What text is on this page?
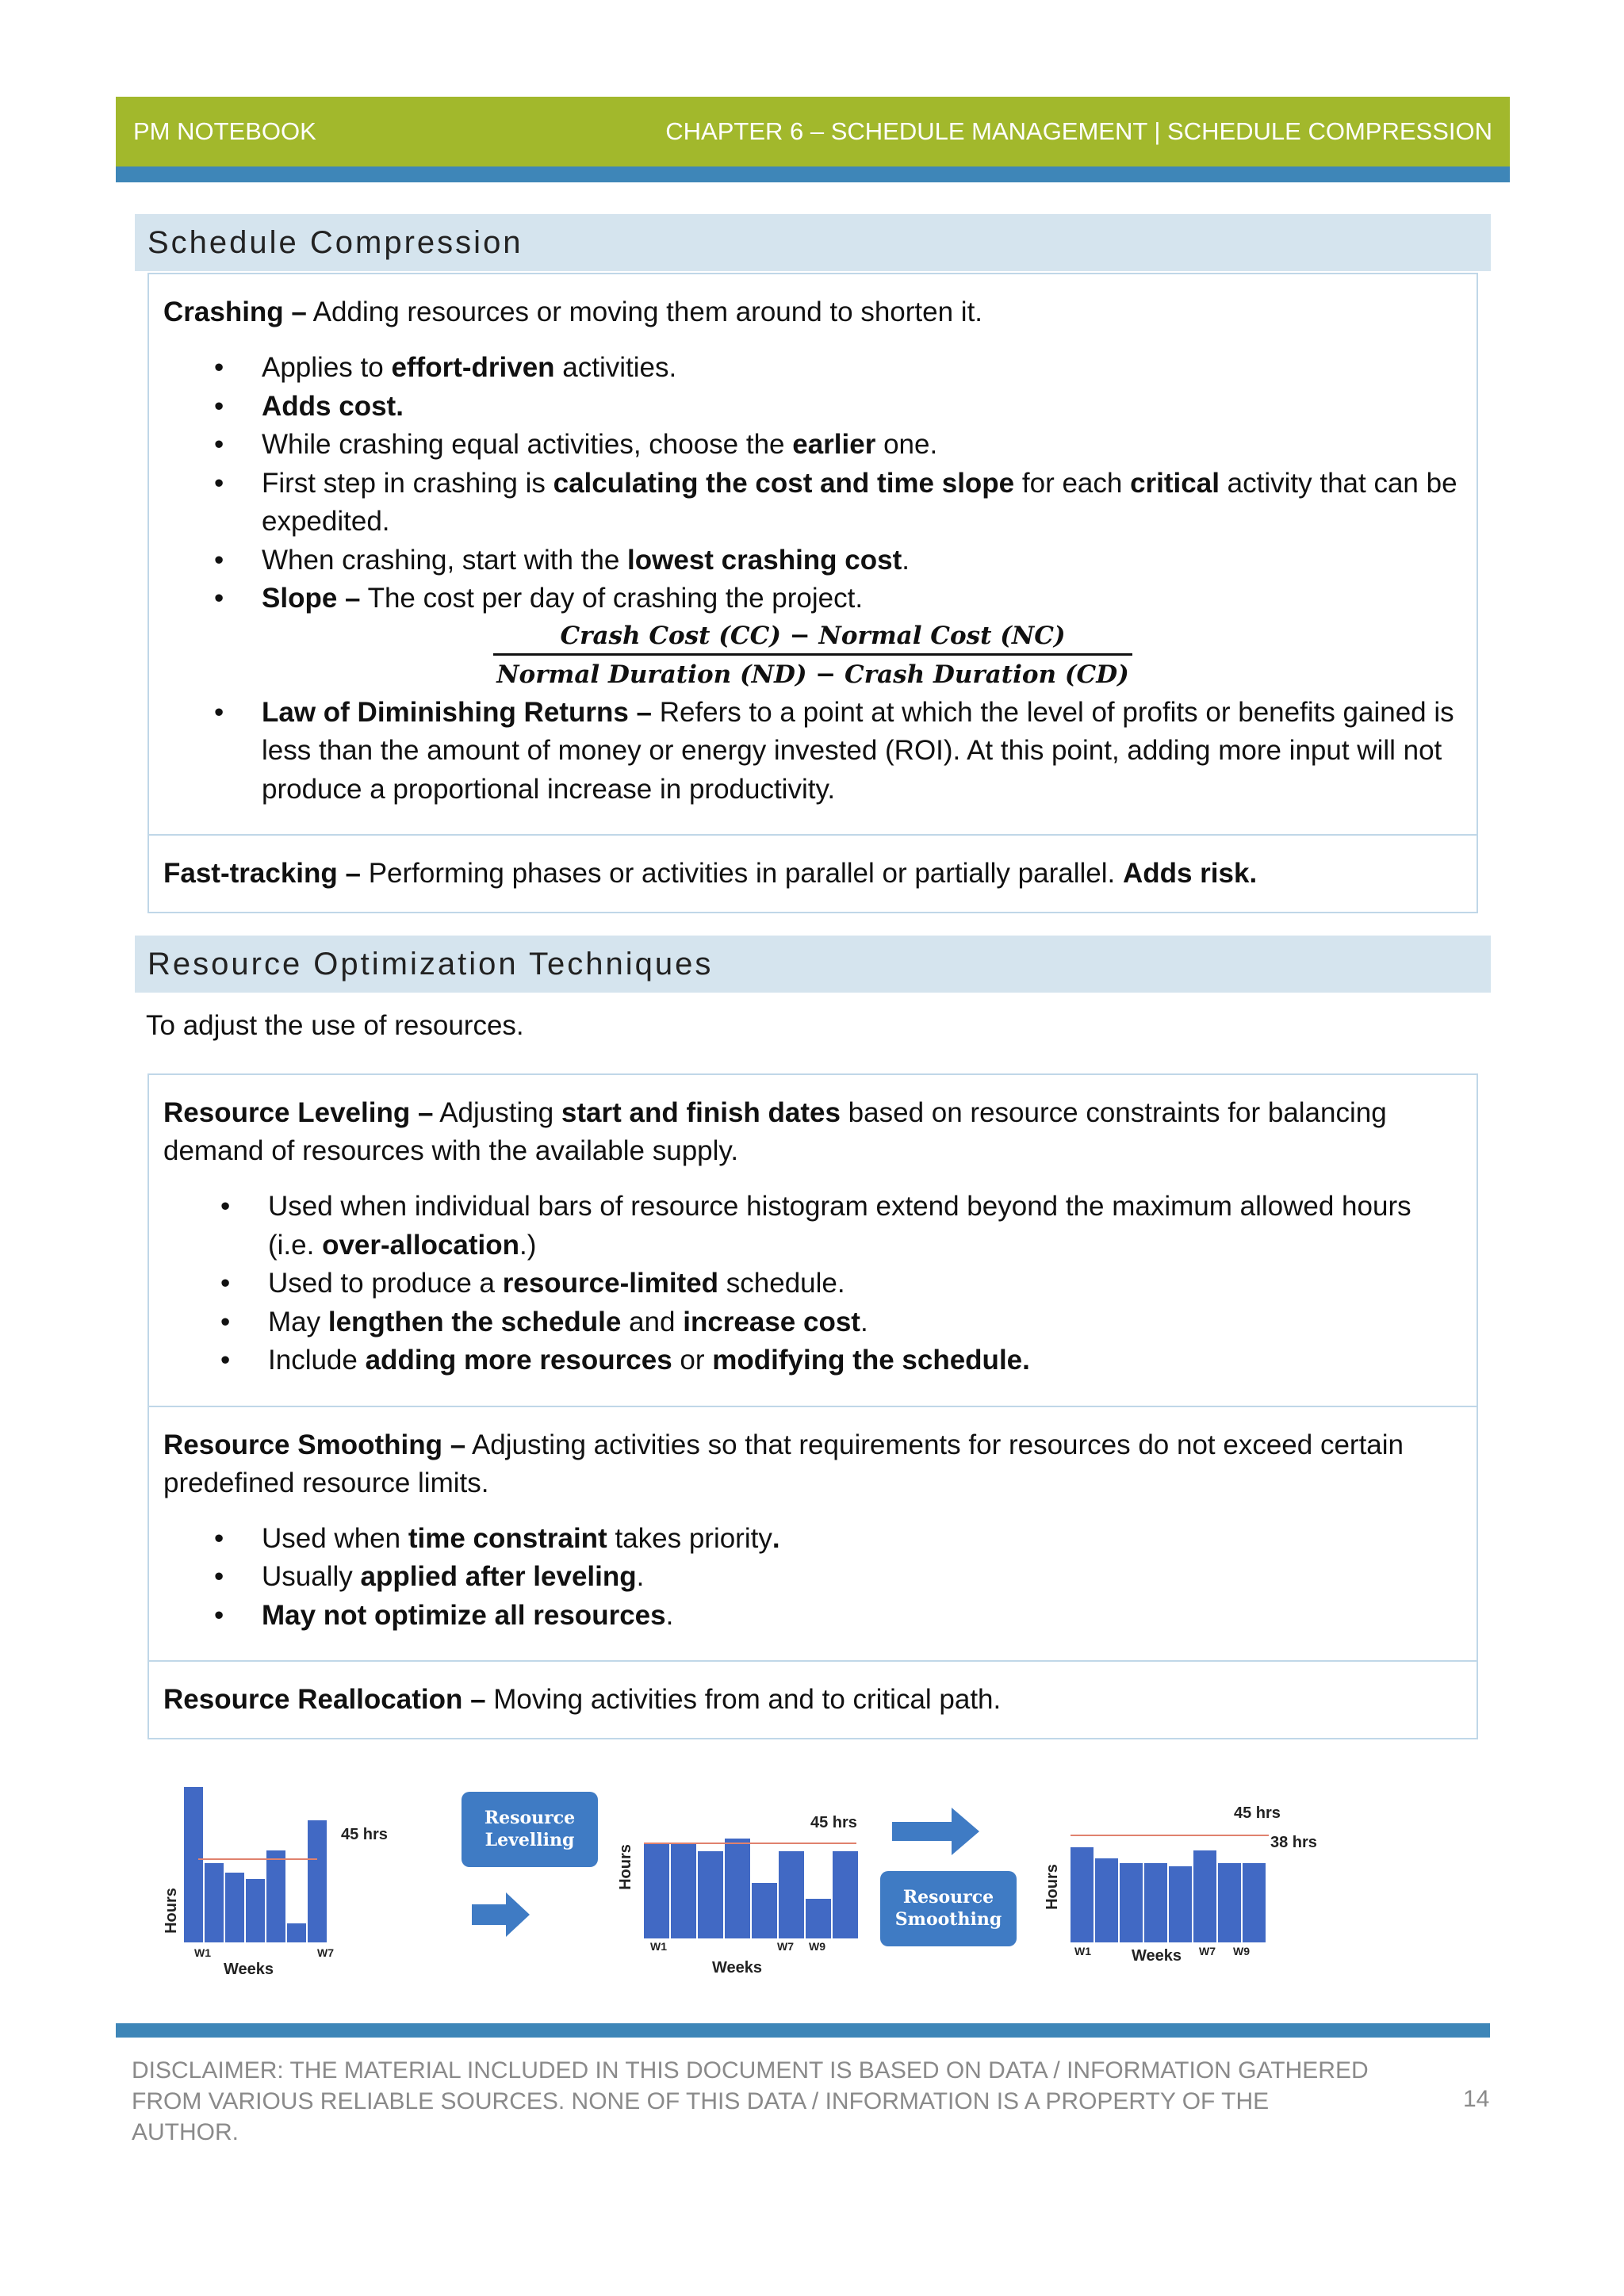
PM NOTEBOOK	CHAPTER 6 – SCHEDULE MANAGEMENT | SCHEDULE COMPRESSION
Schedule Compression

Crashing – Adding resources or moving them around to shorten it.

• Applies to effort-driven activities.
• Adds cost.
• While crashing equal activities, choose the earlier one.
• First step in crashing is calculating the cost and time slope for each critical activity that can be expedited.
• When crashing, start with the lowest crashing cost.
• Slope – The cost per day of crashing the project.
Crash Cost (CC) − Normal Cost (NC)
Normal Duration (ND) − Crash Duration (CD)
• Law of Diminishing Returns – Refers to a point at which the level of profits or benefits gained is less than the amount of money or energy invested (ROI). At this point, adding more input will not produce a proportional increase in productivity.

Fast-tracking – Performing phases or activities in parallel or partially parallel. Adds risk.

Resource Optimization Techniques
To adjust the use of resources.

Resource Leveling – Adjusting start and finish dates based on resource constraints for balancing demand of resources with the available supply.

• Used when individual bars of resource histogram extend beyond the maximum allowed hours (i.e. over-allocation.)
• Used to produce a resource-limited schedule.
• May lengthen the schedule and increase cost.
• Include adding more resources or modifying the schedule.

Resource Smoothing – Adjusting activities so that requirements for resources do not exceed certain predefined resource limits.

• Used when time constraint takes priority.
• Usually applied after leveling.
• May not optimize all resources.

Resource Reallocation – Moving activities from and to critical path.

45 hrs
Hours
W1	W7
Weeks
Resource
Levelling
45 hrs
Hours
W1	W7 W9
Weeks
Resource
Smoothing
45 hrs
38 hrs
Hours
W1	W7 W9
Weeks
DISCLAIMER: THE MATERIAL INCLUDED IN THIS DOCUMENT IS BASED ON DATA / INFORMATION GATHERED FROM VARIOUS RELIABLE SOURCES. NONE OF THIS DATA / INFORMATION IS A PROPERTY OF THE AUTHOR.
14
